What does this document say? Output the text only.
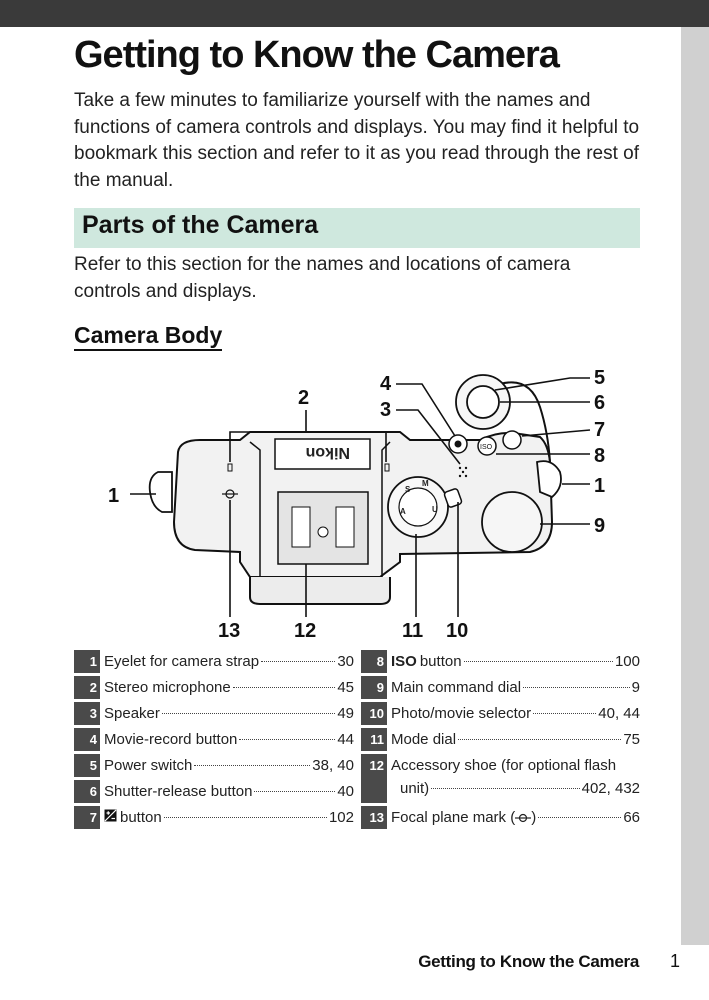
Getting to Know the Camera

Take a few minutes to familiarize yourself with the names and functions of camera controls and displays. You may find it helpful to bookmark this section and refer to it as you read through the rest of the manual.

Parts of the Camera

Refer to this section for the names and locations of camera controls and displays.

Camera Body
Nikon	ISO
S
M
A	U
1
2
3
4	5
6
7
8
1
9
10
11
12
13
1 Eyelet for camera strap	30
2 Stereo microphone	45
3 Speaker	49
4 Movie-record button	44
5 Power switch	38, 40
6 Shutter-release button	40
7 button	102
8 ISO button	100
9 Main command dial	9
10 Photo/movie selector	40, 44
11 Mode dial	75
12 Accessory shoe (for optional flash
unit)	402, 432
13 Focal plane mark ( )	66
Getting to Know the Camera 1
